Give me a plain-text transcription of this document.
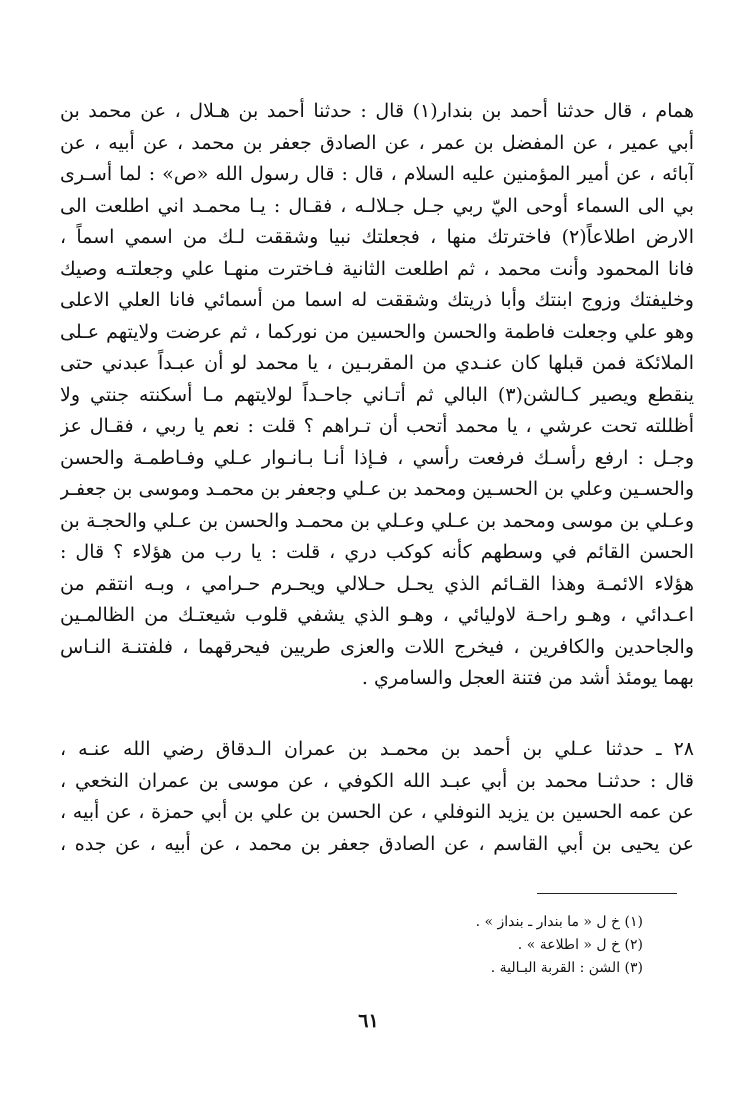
همام ، قال حدثنا أحمد بن بندار(١) قال : حدثنا أحمد بن هـلال ، عن محمد بن
أبي عمير ، عن المفضل بن عمر ، عن الصادق جعفر بن محمد ، عن أبيه ، عن
آبائه ، عن أمير المؤمنين عليه السلام ، قال : قال رسول الله «ص» : لما أسـرى
بي الى السماء أوحى اليّ ربي جـل جـلالـه ، فقـال : يـا محمـد اني اطلعت الى
الارض اطلاعاً(٢) فاخترتك منها ، فجعلتك نبيا وشققت لـك من اسمي اسماً ،
فانا المحمود وأنت محمد ، ثم اطلعت الثانية فـاخترت منهـا علي وجعلتـه وصيك
وخليفتك وزوج ابنتك وأبا ذريتك وشققت له اسما من أسمائي فانا العلي الاعلى
وهو علي وجعلت فاطمة والحسن والحسين من نوركما ، ثم عرضت ولايتهم عـلى
الملائكة فمن قبلها كان عنـدي من المقربـين ، يا محمد لو أن عبـداً عبدني حتى
ينقطع ويصير كـالشن(٣) البالي ثم أتـاني جاحـداً لولايتهم مـا أسكنته جنتي ولا
أظللته تحت عرشي ، يا محمد أتحب أن تـراهم ؟ قلت : نعم يا ربي ، فقـال عز
وجـل : ارفع رأسـك فرفعت رأسي ، فـإذا أنـا بـانـوار عـلي وفـاطمـة والحسن
والحسـين وعلي بن الحسـين ومحمد بن عـلي وجعفر بن محمـد وموسى بن جعفـر
وعـلي بن موسى ومحمد بن عـلي وعـلي بن محمـد والحسن بن عـلي والحجـة بن
الحسن القائم في وسطهم كأنه كوكب دري ، قلت : يا رب من هؤلاء ؟ قال :
هؤلاء الائمـة وهذا القـائم الذي يحـل حـلالي ويحـرم حـرامي ، وبـه انتقم من
اعـدائي ، وهـو راحـة لاوليائي ، وهـو الذي يشفي قلوب شيعتـك من الظالمـين
والجاحدين والكافرين ، فيخرج اللات والعزى طريين فيحرقهما ، فلفتنـة النـاس
بهما يومئذ أشد من فتنة العجل والسامري .
٢٨ ـ حدثنا عـلي بن أحمد بن محمـد بن عمران الـدقاق رضي الله عنـه ،
قال : حدثنـا محمد بن أبي عبـد الله الكوفي ، عن موسى بن عمران النخعي ،
عن عمه الحسين بن يزيد النوفلي ، عن الحسن بن علي بن أبي حمزة ، عن أبيه ،
عن يحيى بن أبي القاسم ، عن الصادق جعفر بن محمد ، عن أبيه ، عن جده ،
(١) خ ل « ما بندار ـ بنداز » .
(٢) خ ل « اطلاعة » .
(٣) الشن : القربة البـالية .
٦١
